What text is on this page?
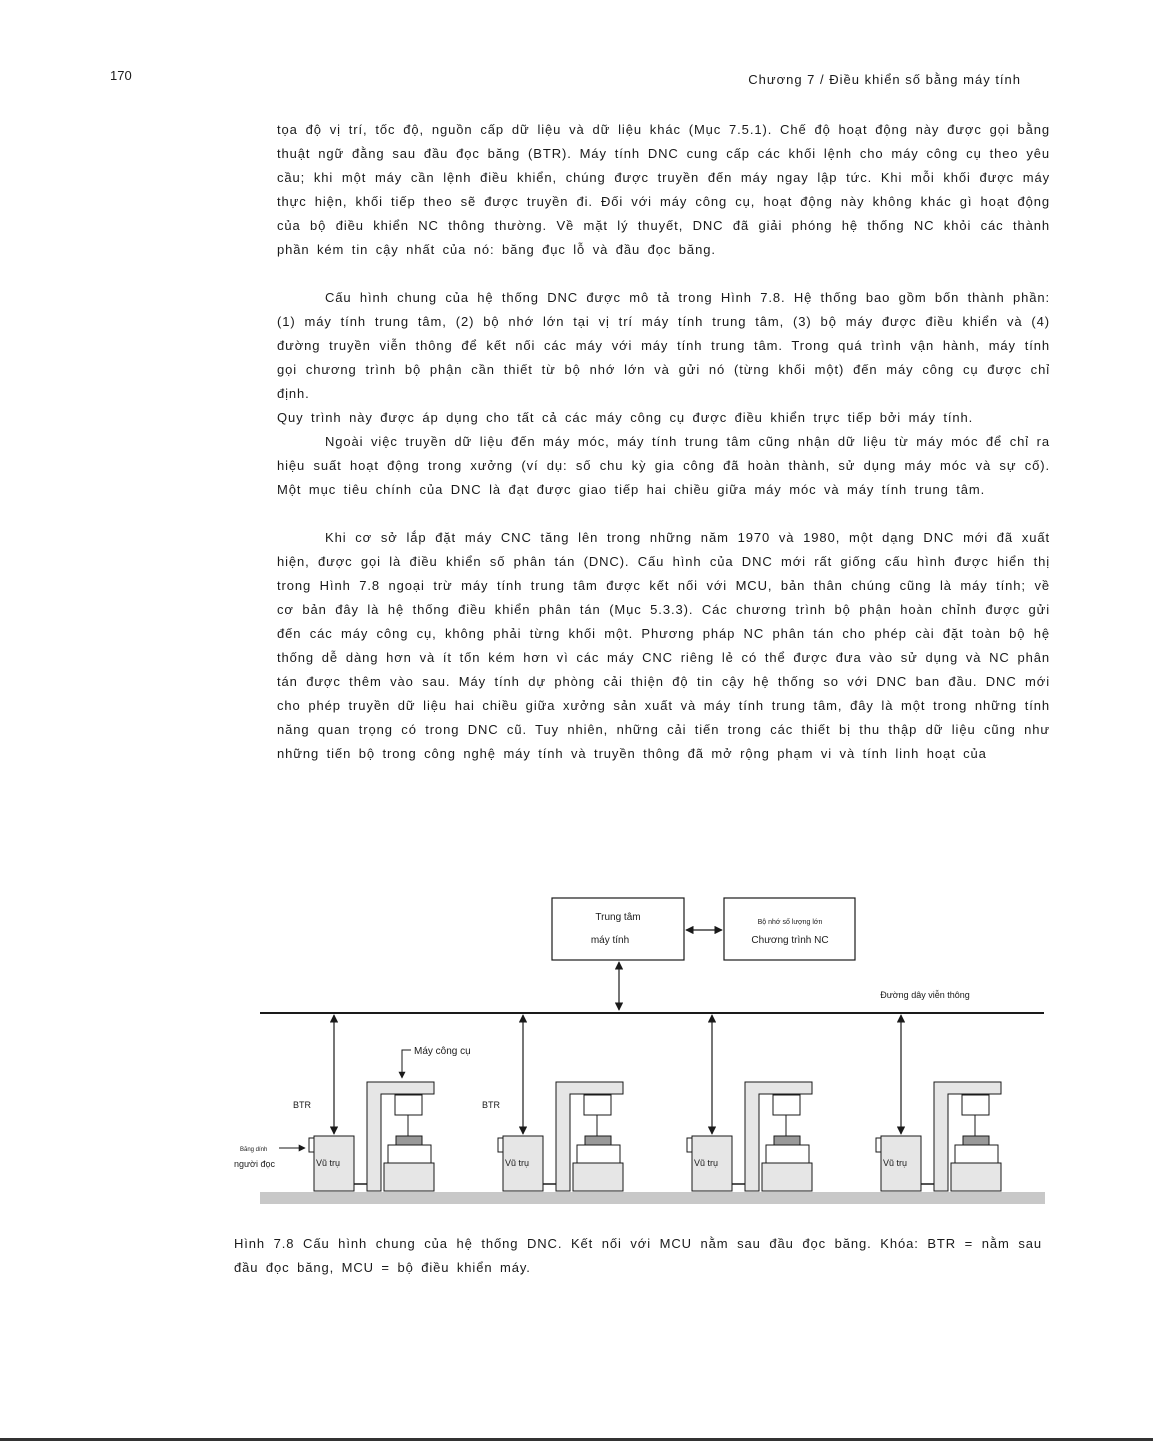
170	Chương 7 / Điều khiển số bằng máy tính

tọa độ vị trí, tốc độ, nguồn cấp dữ liệu và dữ liệu khác (Mục 7.5.1). Chế độ hoạt động này được gọi bằng thuật ngữ đằng sau đầu đọc băng (BTR). Máy tính DNC cung cấp các khối lệnh cho máy công cụ theo yêu cầu; khi một máy cần lệnh điều khiển, chúng được truyền đến máy ngay lập tức. Khi mỗi khối được máy thực hiện, khối tiếp theo sẽ được truyền đi. Đối với máy công cụ, hoạt động này không khác gì hoạt động của bộ điều khiển NC thông thường. Về mặt lý thuyết, DNC đã giải phóng hệ thống NC khỏi các thành phần kém tin cậy nhất của nó: băng đục lỗ và đầu đọc băng.

Cấu hình chung của hệ thống DNC được mô tả trong Hình 7.8. Hệ thống bao gồm bốn thành phần: (1) máy tính trung tâm, (2) bộ nhớ lớn tại vị trí máy tính trung tâm, (3) bộ máy được điều khiển và (4) đường truyền viễn thông để kết nối các máy với máy tính trung tâm. Trong quá trình vận hành, máy tính gọi chương trình bộ phận cần thiết từ bộ nhớ lớn và gửi nó (từng khối một) đến máy công cụ được chỉ định.

Quy trình này được áp dụng cho tất cả các máy công cụ được điều khiển trực tiếp bởi máy tính.

Ngoài việc truyền dữ liệu đến máy móc, máy tính trung tâm cũng nhận dữ liệu từ máy móc để chỉ ra hiệu suất hoạt động trong xưởng (ví dụ: số chu kỳ gia công đã hoàn thành, sử dụng máy móc và sự cố). Một mục tiêu chính của DNC là đạt được giao tiếp hai chiều giữa máy móc và máy tính trung tâm.

Khi cơ sở lắp đặt máy CNC tăng lên trong những năm 1970 và 1980, một dạng DNC mới đã xuất hiện, được gọi là điều khiển số phân tán (DNC). Cấu hình của DNC mới rất giống cấu hình được hiển thị trong Hình 7.8 ngoại trừ máy tính trung tâm được kết nối với MCU, bản thân chúng cũng là máy tính; về cơ bản đây là hệ thống điều khiển phân tán (Mục 5.3.3). Các chương trình bộ phận hoàn chỉnh được gửi đến các máy công cụ, không phải từng khối một. Phương pháp NC phân tán cho phép cài đặt toàn bộ hệ thống dễ dàng hơn và ít tốn kém hơn vì các máy CNC riêng lẻ có thể được đưa vào sử dụng và NC phân tán được thêm vào sau. Máy tính dự phòng cải thiện độ tin cậy hệ thống so với DNC ban đầu. DNC mới cho phép truyền dữ liệu hai chiều giữa xưởng sản xuất và máy tính trung tâm, đây là một trong những tính năng quan trọng có trong DNC cũ. Tuy nhiên, những cải tiến trong các thiết bị thu thập dữ liệu cũng như những tiến bộ trong công nghệ máy tính và truyền thông đã mở rộng phạm vi và tính linh hoạt của

Trung tâm
máy tính
Bộ nhớ số lượng lớn
Chương trình NC
Đường dây viễn thông
Máy công cụ
BTR	BTR
Băng dính
người đọc	Vũ trụ	Vũ trụ	Vũ trụ	Vũ trụ
Hình 7.8 Cấu hình chung của hệ thống DNC. Kết nối với MCU nằm sau đầu đọc băng. Khóa: BTR = nằm sau đầu đọc băng, MCU = bộ điều khiển máy.
